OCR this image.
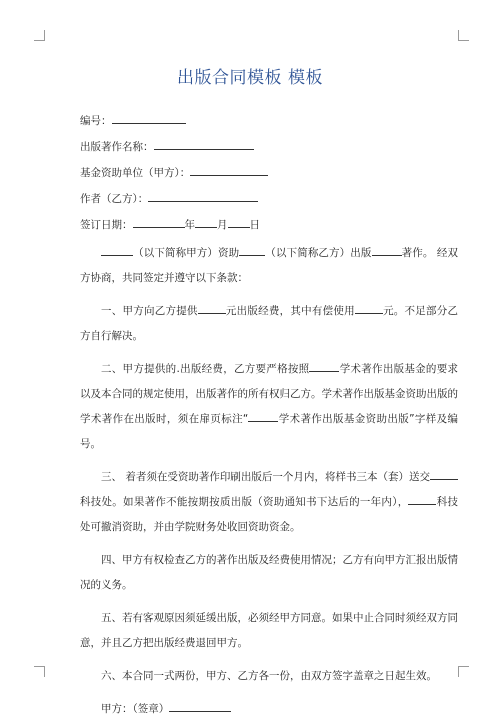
出版合同模板 模板
编号：
出版著作名称：
基金资助单位（甲方）：
作者（乙方）：
签订日期：	年 月 日

（以下简称甲方）资助 （以下简称乙方）出版	著作。 经双方协商，共同签定并遵守以下条款：

一、甲方向乙方提供	元出版经费，其中有偿使用	元。不足部分乙方自行解决。

二、甲方提供的.出版经费，乙方要严格按照	学术著作出版基金的要求以及本合同的规定使用，出版著作的所有权归乙方。学术著作出版基金资助出版的学术著作在出版时，须在扉页标注“	学术著作出版基金资助出版”字样及编号。

三、 着者须在受资助著作印刷出版后一个月内，将样书三本（套）送交科技处。如果著作不能按期按质出版（资助通知书下达后的一年内），	科技处可撤消资助，并由学院财务处收回资助资金。

四、甲方有权检查乙方的著作出版及经费使用情况；乙方有向甲方汇报出版情况的义务。

五、若有客观原因须延缓出版，必须经甲方同意。如果中止合同时须经双方同意，并且乙方把出版经费退回甲方。

六、本合同一式两份，甲方、乙方各一份，由双方签字盖章之日起生效。

甲方：（签章）
